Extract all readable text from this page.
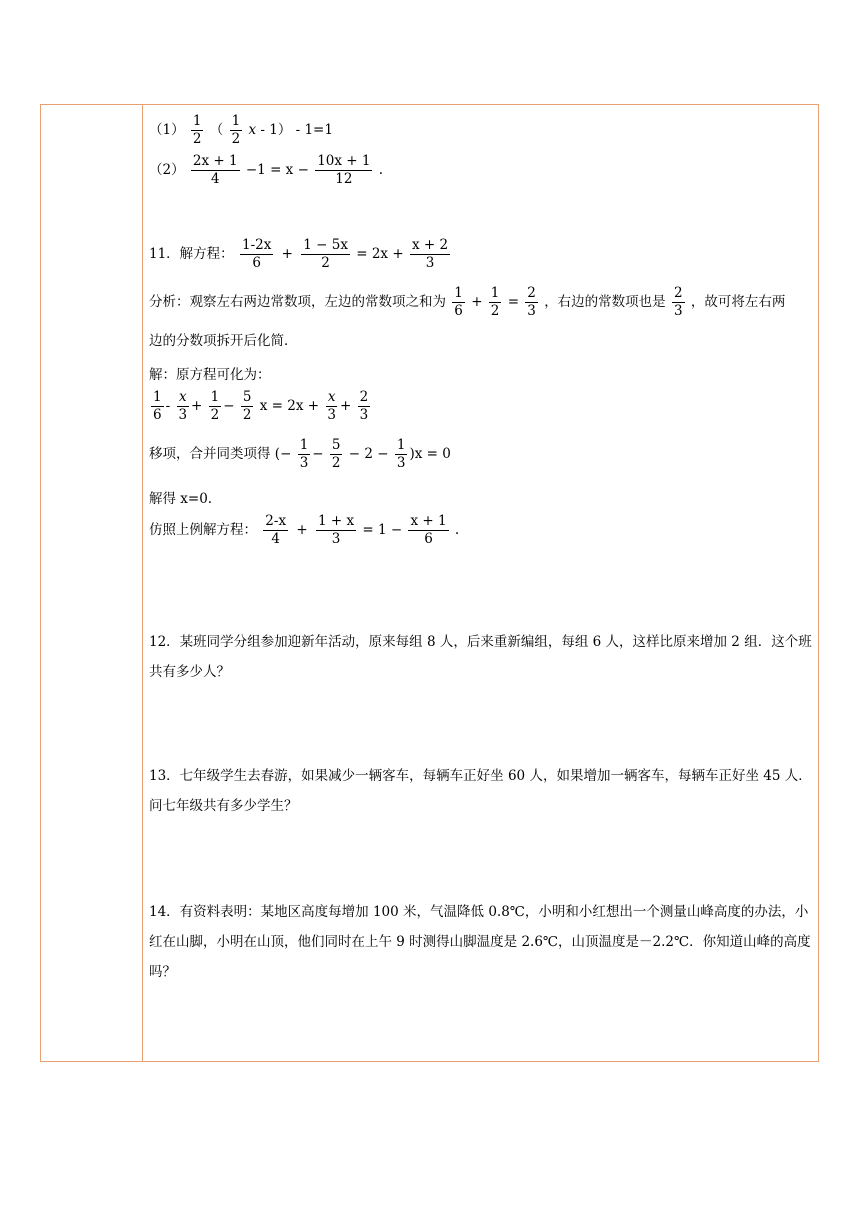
$(1) \frac{1}{2}$ （ $\frac{1}{2}$ x - 1） - 1=1
$(2) \frac{2x + 1}{4} -1 = x - \frac{10x + 1}{12}$ .
11．解方程： $\frac{1-2x}{6} + \frac{1 - 5x}{2} = 2x + \frac{x + 2}{3}$
分析：观察左右两边常数项，左边的常数项之和为 $\frac{1}{6} + \frac{1}{2} = \frac{2}{3}$ ，右边的常数项也是 $\frac{2}{3}$ ，故可将左右两
边的分数项拆开后化简．
解：原方程可化为：
$\frac{1}{6} - \frac{x}{3} + \frac{1}{2} - \frac{5}{2}$ $x = 2x + \frac{x}{3} + \frac{2}{3}$
移项，合并同类项得 (− $\frac{1}{3} - \frac{5}{2} - 2 - \frac{1}{3} )x = 0$
解得 x=0.
仿照上例解方程： $\frac{2-x}{4} + \frac{1 + x}{3} = 1 - \frac{x + 1}{6}$ .
12．某班同学分组参加迎新年活动，原来每组 8 人，后来重新编组，每组 6 人，这样比原来增加 2 组．这个班共有多少人？
13．七年级学生去春游，如果减少一辆客车，每辆车正好坐 60 人，如果增加一辆客车，每辆车正好坐 45 人．问七年级共有多少学生？
14．有资料表明：某地区高度每增加 100 米，气温降低 0.8℃，小明和小红想出一个测量山峰高度的办法，小红在山脚，小明在山顶，他们同时在上午 9 时测得山脚温度是 2.6℃，山顶温度是－2.2℃．你知道山峰的高度吗？
